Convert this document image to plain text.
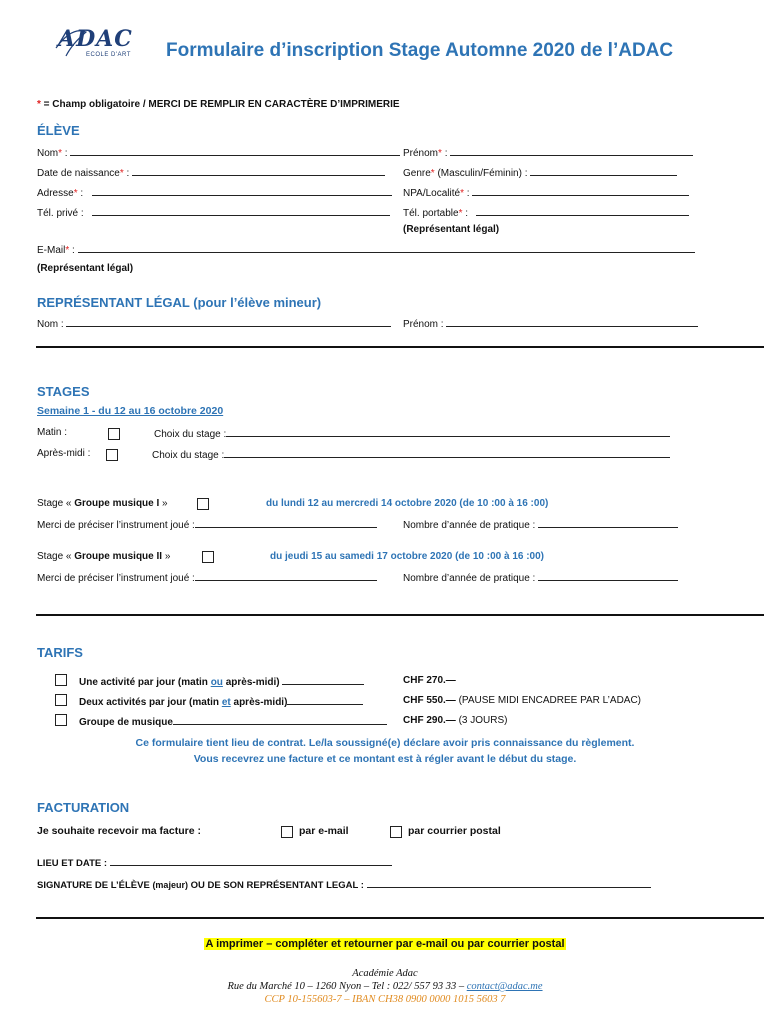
ADAC
ECOLE D'ART Formulaire d’inscription Stage Automne 2020 de l’ADAC
* = Champ obligatoire / MERCI DE REMPLIR EN CARACTÈRE D’IMPRIMERIE
ÉLÈVE
Nom* :	Prénom* :
Date de naissance* :	Genre* (Masculin/Féminin) :
Adresse* :	NPA/Localité* :
Tél. privé :	Tél. portable* :
(Représentant légal)
E-Mail* :
(Représentant légal)
REPRÉSENTANT LÉGAL (pour l’élève mineur)
Nom :	Prénom :
STAGES
Semaine 1 - du 12 au 16 octobre 2020
Matin :	Choix du stage :
Après-midi :	Choix du stage :
Stage « Groupe musique I »	du lundi 12 au mercredi 14 octobre 2020 (de 10 :00 à 16 :00)
Merci de préciser l’instrument joué :	Nombre d’année de pratique :
Stage « Groupe musique II »	du jeudi 15 au samedi 17 octobre 2020 (de 10 :00 à 16 :00)
Merci de préciser l’instrument joué :	Nombre d’année de pratique :
TARIFS
Une activité par jour (matin ou après-midi)	CHF 270.—
Deux activités par jour (matin et après-midi)	CHF 550.— (PAUSE MIDI ENCADREE PAR L’ADAC)
Groupe de musique	CHF 290.— (3 JOURS)
Ce formulaire tient lieu de contrat. Le/la soussigné(e) déclare avoir pris connaissance du règlement.
Vous recevrez une facture et ce montant est à régler avant le début du stage.
FACTURATION
Je souhaite recevoir ma facture :	par e-mail	par courrier postal
LIEU ET DATE :
SIGNATURE DE L’ÉLÈVE (majeur) OU DE SON REPRÉSENTANT LEGAL :
A imprimer – compléter et retourner par e-mail ou par courrier postal
Académie Adac
Rue du Marché 10 – 1260 Nyon – Tel : 022/ 557 93 33 – contact@adac.me
CCP 10-155603-7 – IBAN CH38 0900 0000 1015 5603 7
